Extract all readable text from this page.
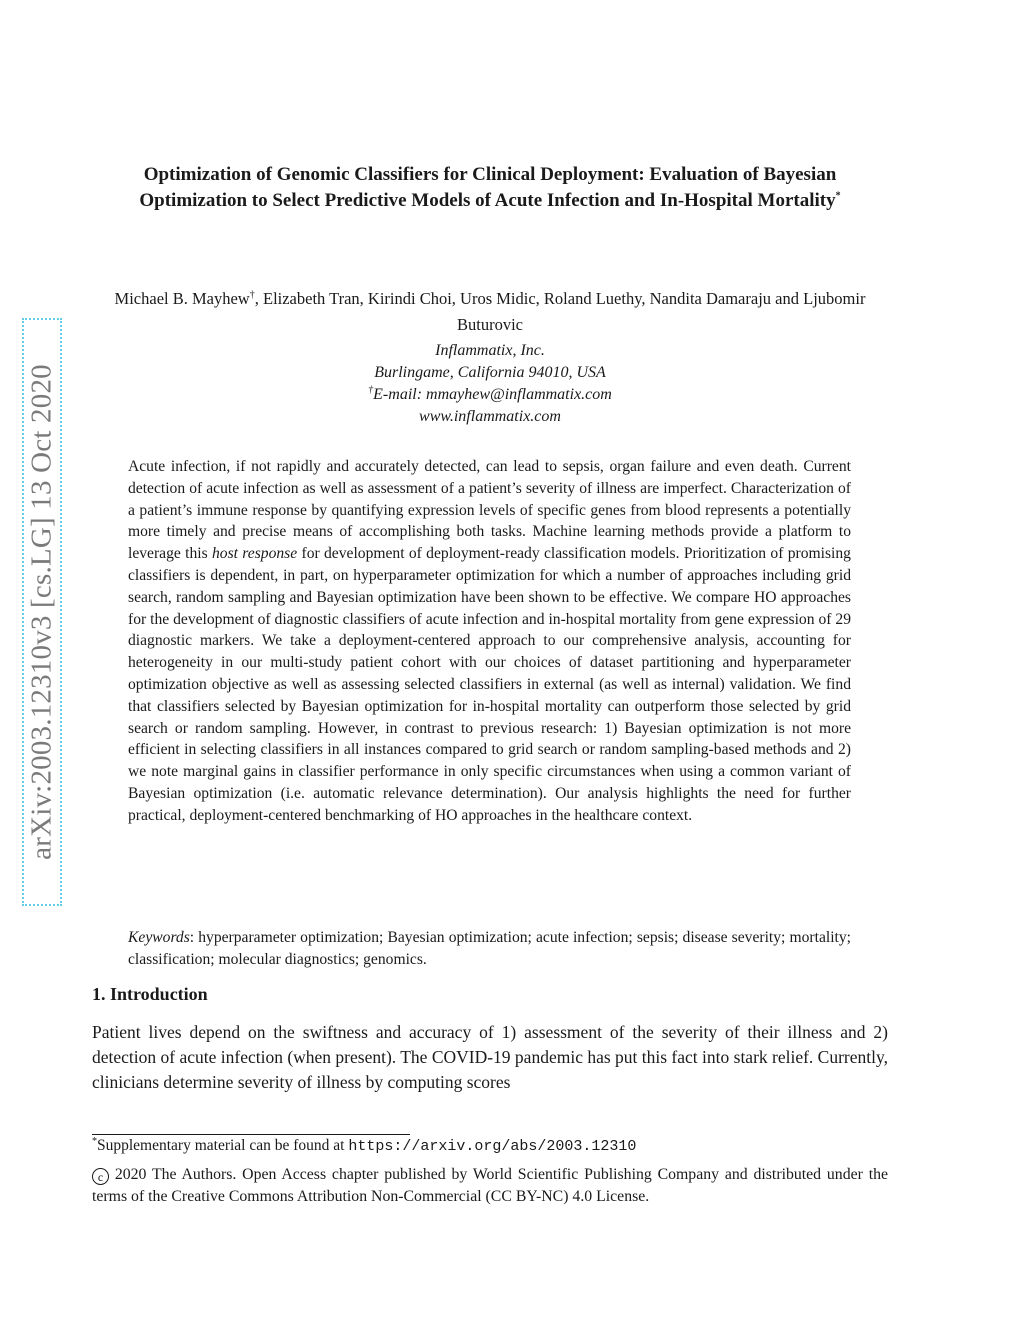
arXiv:2003.12310v3 [cs.LG] 13 Oct 2020
Optimization of Genomic Classifiers for Clinical Deployment: Evaluation of Bayesian Optimization to Select Predictive Models of Acute Infection and In-Hospital Mortality*
Michael B. Mayhew†, Elizabeth Tran, Kirindi Choi, Uros Midic, Roland Luethy, Nandita Damaraju and Ljubomir Buturovic
Inflammatix, Inc.
Burlingame, California 94010, USA
†E-mail: mmayhew@inflammatix.com
www.inflammatix.com
Acute infection, if not rapidly and accurately detected, can lead to sepsis, organ failure and even death. Current detection of acute infection as well as assessment of a patient’s severity of illness are imperfect. Characterization of a patient’s immune response by quantifying expression levels of specific genes from blood represents a potentially more timely and precise means of accomplishing both tasks. Machine learning methods provide a platform to leverage this host response for development of deployment-ready classification models. Prioritization of promising classifiers is dependent, in part, on hyperparameter optimization for which a number of approaches including grid search, random sampling and Bayesian optimization have been shown to be effective. We compare HO approaches for the development of diagnostic classifiers of acute infection and in-hospital mortality from gene expression of 29 diagnostic markers. We take a deployment-centered approach to our comprehensive analysis, accounting for heterogeneity in our multi-study patient cohort with our choices of dataset partitioning and hyperparameter optimization objective as well as assessing selected classifiers in external (as well as internal) validation. We find that classifiers selected by Bayesian optimization for in-hospital mortality can outperform those selected by grid search or random sampling. However, in contrast to previous research: 1) Bayesian optimization is not more efficient in selecting classifiers in all instances compared to grid search or random sampling-based methods and 2) we note marginal gains in classifier performance in only specific circumstances when using a common variant of Bayesian optimization (i.e. automatic relevance determination). Our analysis highlights the need for further practical, deployment-centered benchmarking of HO approaches in the healthcare context.
Keywords: hyperparameter optimization; Bayesian optimization; acute infection; sepsis; disease severity; mortality; classification; molecular diagnostics; genomics.
1. Introduction
Patient lives depend on the swiftness and accuracy of 1) assessment of the severity of their illness and 2) detection of acute infection (when present). The COVID-19 pandemic has put this fact into stark relief. Currently, clinicians determine severity of illness by computing scores
*Supplementary material can be found at https://arxiv.org/abs/2003.12310
c 2020 The Authors. Open Access chapter published by World Scientific Publishing Company and distributed under the terms of the Creative Commons Attribution Non-Commercial (CC BY-NC) 4.0 License.
